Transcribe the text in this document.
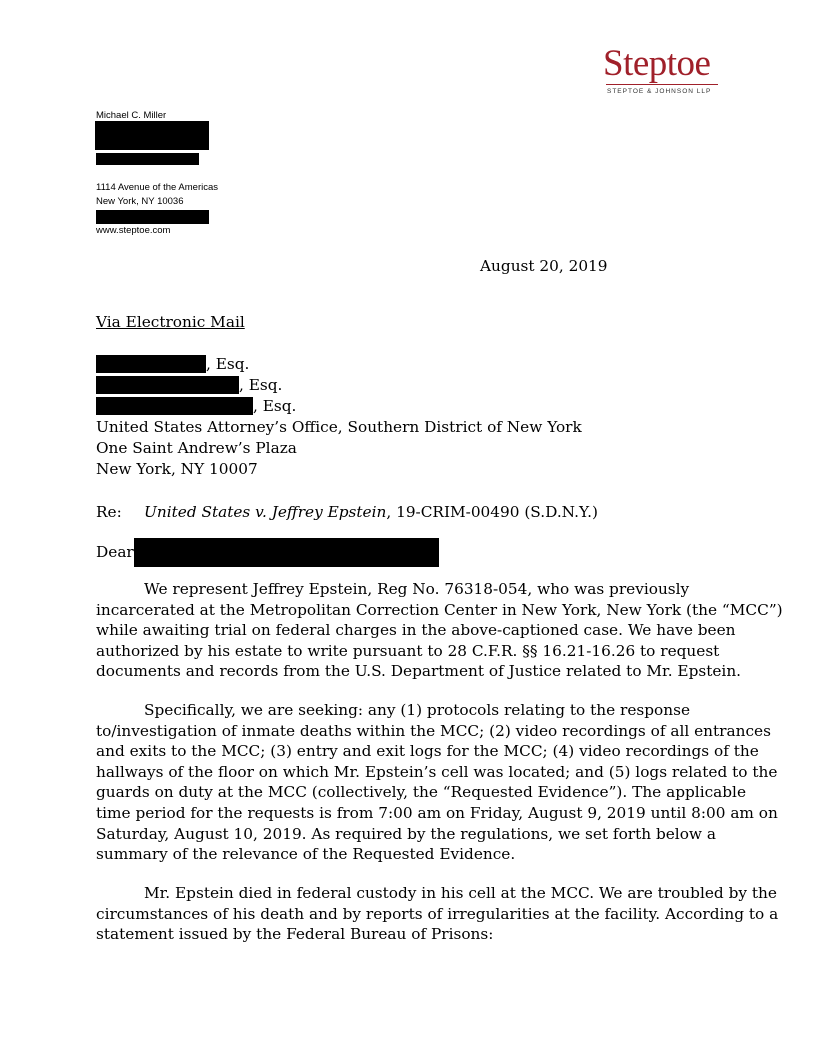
Steptoe
STEPTOE & JOHNSON LLP
Michael C. Miller
1114 Avenue of the Americas
New York, NY 10036
www.steptoe.com
August 20, 2019
Via Electronic Mail
, Esq.
, Esq.
, Esq.
United States Attorney’s Office, Southern District of New York
One Saint Andrew’s Plaza
New York, NY 10007
Re: United States v. Jeffrey Epstein, 19-CRIM-00490 (S.D.N.Y.)
Dear
We represent Jeffrey Epstein, Reg No. 76318-054, who was previously
incarcerated at the Metropolitan Correction Center in New York, New York (the “MCC”)
while awaiting trial on federal charges in the above-captioned case. We have been
authorized by his estate to write pursuant to 28 C.F.R. §§ 16.21-16.26 to request
documents and records from the U.S. Department of Justice related to Mr. Epstein.
Specifically, we are seeking: any (1) protocols relating to the response
to/investigation of inmate deaths within the MCC; (2) video recordings of all entrances
and exits to the MCC; (3) entry and exit logs for the MCC; (4) video recordings of the
hallways of the floor on which Mr. Epstein’s cell was located; and (5) logs related to the
guards on duty at the MCC (collectively, the “Requested Evidence”). The applicable
time period for the requests is from 7:00 am on Friday, August 9, 2019 until 8:00 am on
Saturday, August 10, 2019. As required by the regulations, we set forth below a
summary of the relevance of the Requested Evidence.
Mr. Epstein died in federal custody in his cell at the MCC. We are troubled by the
circumstances of his death and by reports of irregularities at the facility. According to a
statement issued by the Federal Bureau of Prisons:
